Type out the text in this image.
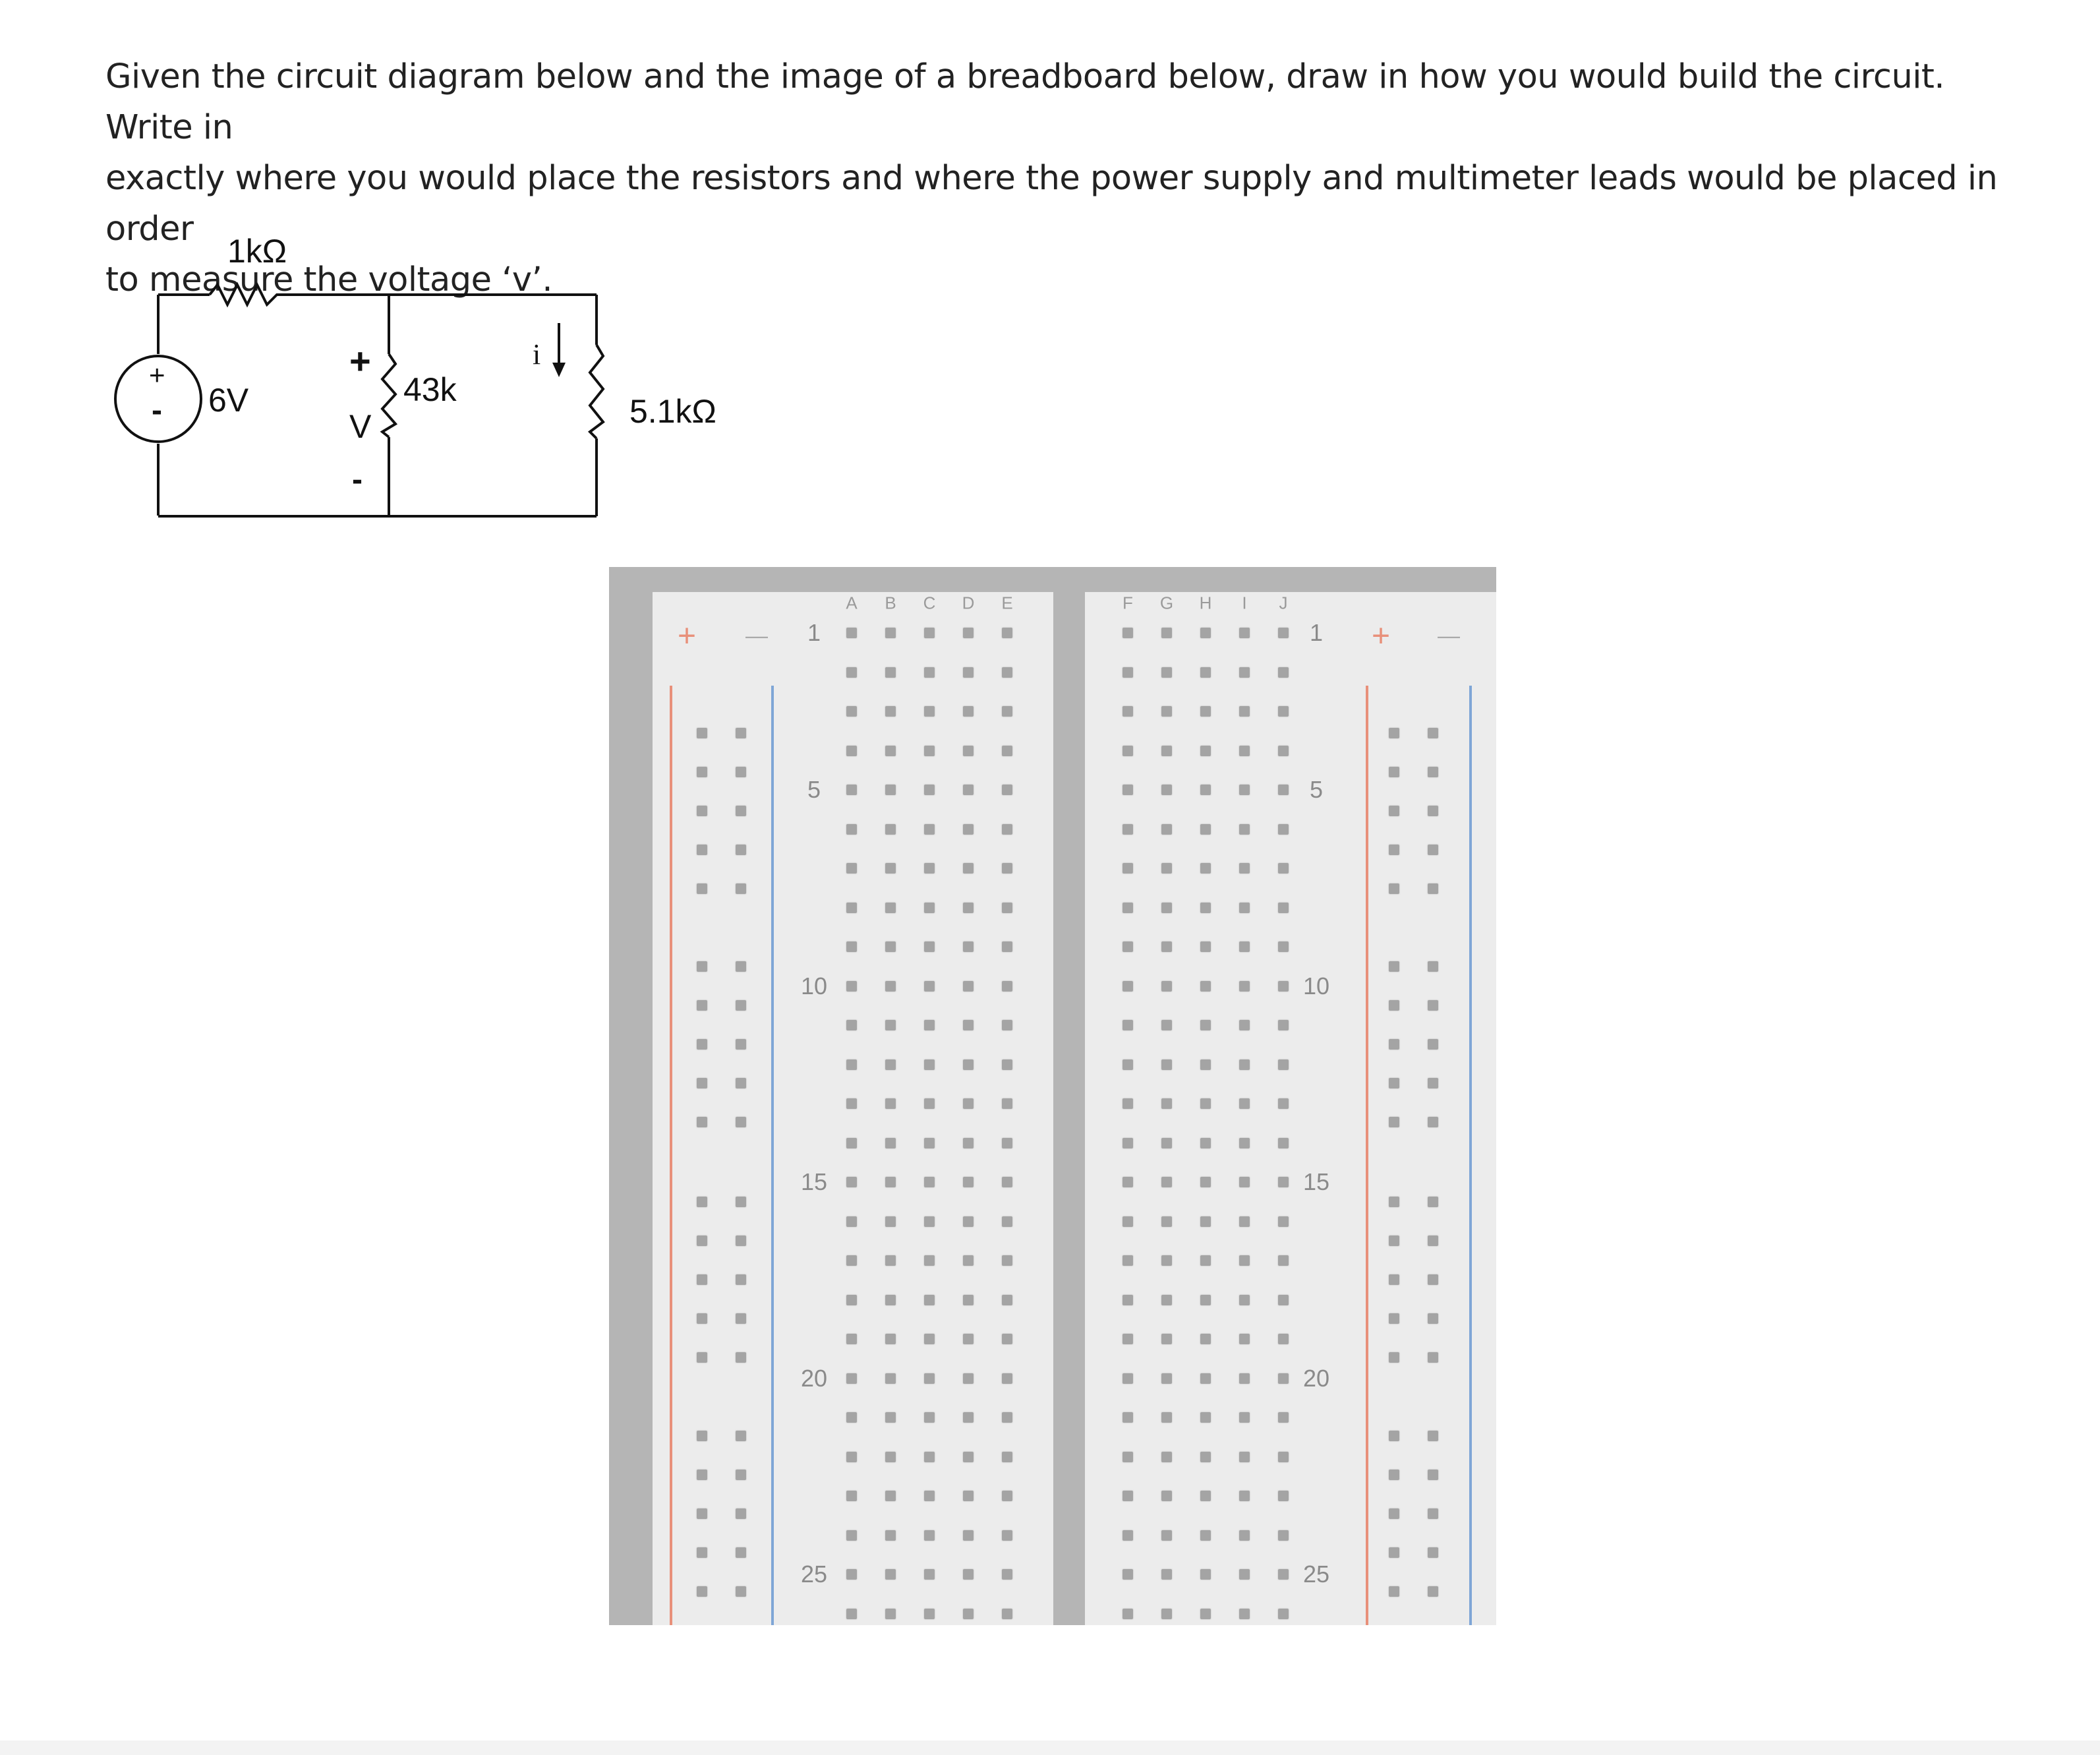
Given the circuit diagram below and the image of a breadboard below, draw in how you would build the circuit. Write in

exactly where you would place the resistors and where the power supply and multimeter leads would be placed in order

to measure the voltage ‘v’.

1kΩ
+
- 6V
+
43k
V
-
i
5.1kΩ
A B C D E	F G H I J
1	1
5	5
10	10
15	15
20	20
25	25
+ —	+ —
